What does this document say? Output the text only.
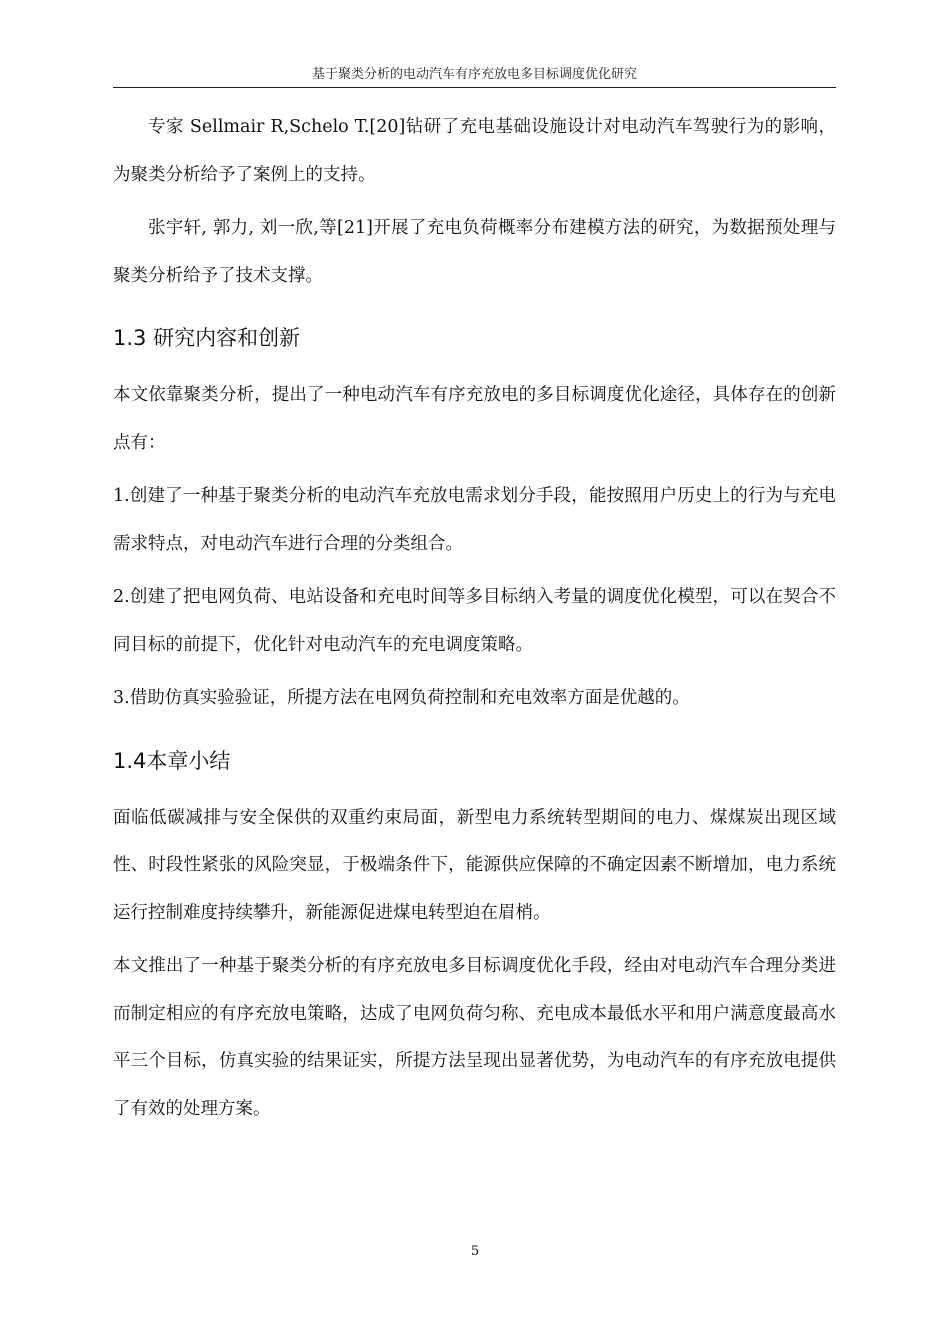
基于聚类分析的电动汽车有序充放电多目标调度优化研究

专家 Sellmair R,Schelo T.[20]钻研了充电基础设施设计对电动汽车驾驶行为的影响，为聚类分析给予了案例上的支持。

张宇轩, 郭力, 刘一欣,等[21]开展了充电负荷概率分布建模方法的研究，为数据预处理与聚类分析给予了技术支撑。

1.3 研究内容和创新

本文依靠聚类分析，提出了一种电动汽车有序充放电的多目标调度优化途径，具体存在的创新点有：

1.创建了一种基于聚类分析的电动汽车充放电需求划分手段，能按照用户历史上的行为与充电需求特点，对电动汽车进行合理的分类组合。

2.创建了把电网负荷、电站设备和充电时间等多目标纳入考量的调度优化模型，可以在契合不同目标的前提下，优化针对电动汽车的充电调度策略。

3.借助仿真实验验证，所提方法在电网负荷控制和充电效率方面是优越的。

1.4本章小结

面临低碳减排与安全保供的双重约束局面，新型电力系统转型期间的电力、煤煤炭出现区域性、时段性紧张的风险突显，于极端条件下，能源供应保障的不确定因素不断增加，电力系统运行控制难度持续攀升，新能源促进煤电转型迫在眉梢。

本文推出了一种基于聚类分析的有序充放电多目标调度优化手段，经由对电动汽车合理分类进而制定相应的有序充放电策略，达成了电网负荷匀称、充电成本最低水平和用户满意度最高水平三个目标，仿真实验的结果证实，所提方法呈现出显著优势，为电动汽车的有序充放电提供了有效的处理方案。

5
